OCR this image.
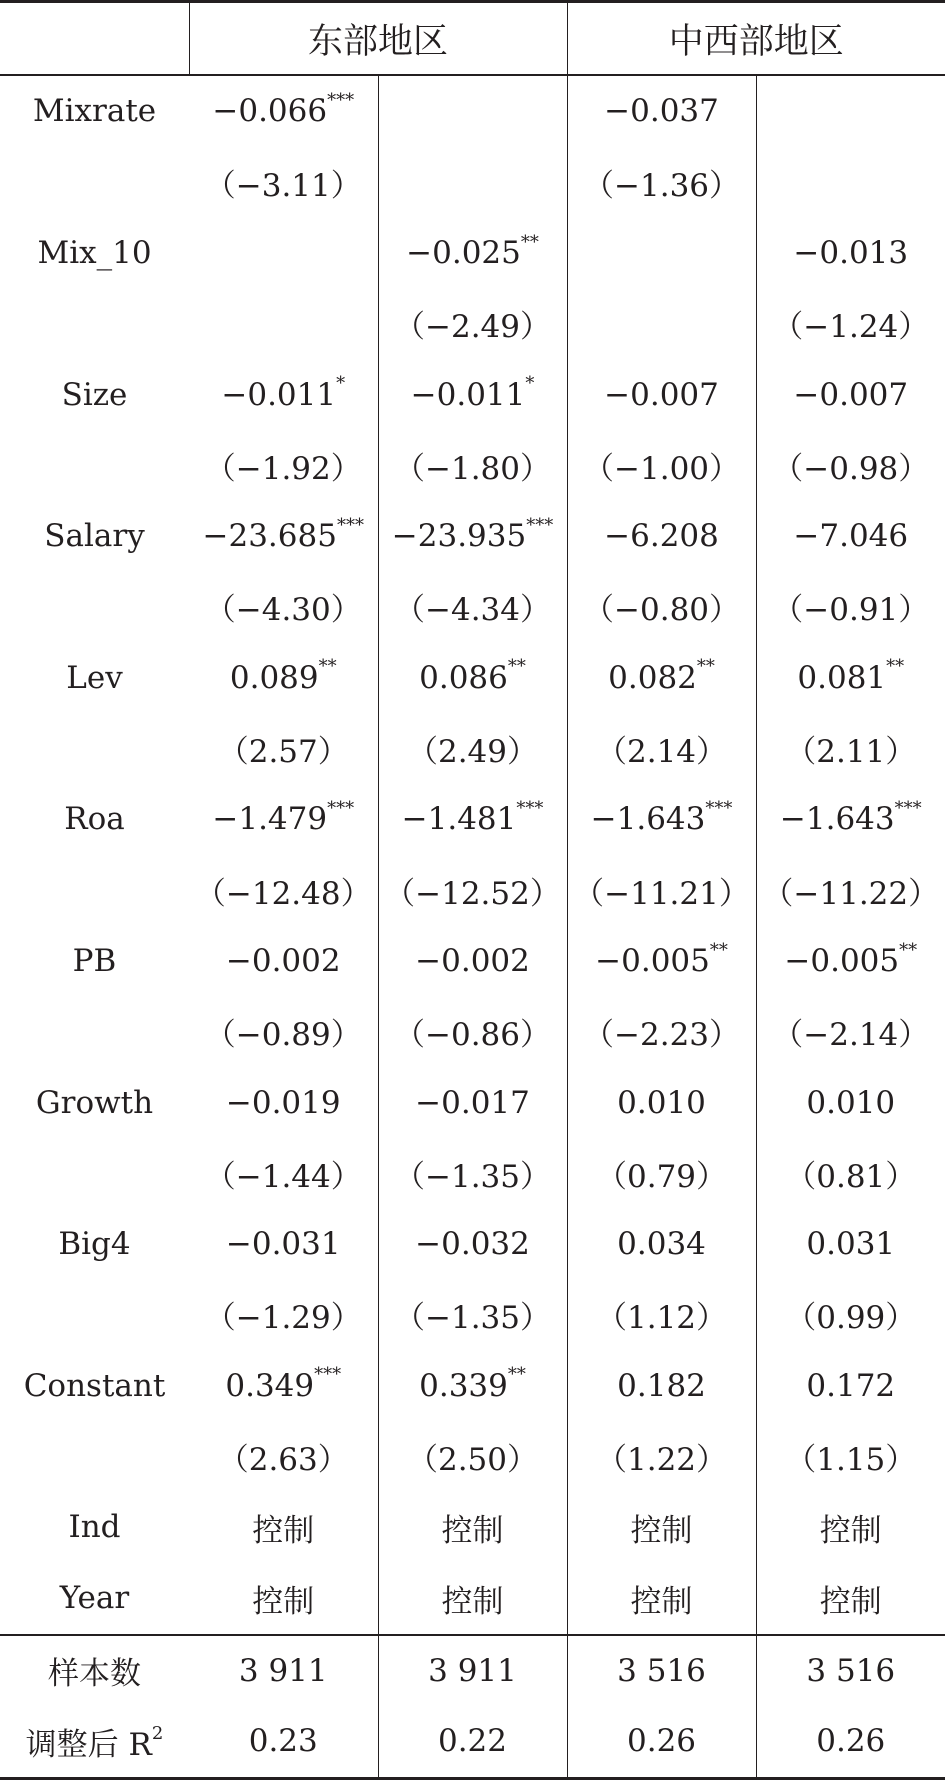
	东部地区		中西部地区	
Mixrate	−0.066***		−0.037	
	（−3.11）		（−1.36）	
Mix_10		−0.025**		−0.013
		（−2.49）		（−1.24）
Size	−0.011*	−0.011*	−0.007	−0.007
	（−1.92）	（−1.80）	（−1.00）	（−0.98）
Salary	−23.685***	−23.935***	−6.208	−7.046
	（−4.30）	（−4.34）	（−0.80）	（−0.91）
Lev	0.089**	0.086**	0.082**	0.081**
	（2.57）	（2.49）	（2.14）	（2.11）
Roa	−1.479***	−1.481***	−1.643***	−1.643***
	（−12.48）	（−12.52）	（−11.21）	（−11.22）
PB	−0.002	−0.002	−0.005**	−0.005**
	（−0.89）	（−0.86）	（−2.23）	（−2.14）
Growth	−0.019	−0.017	0.010	0.010
	（−1.44）	（−1.35）	（0.79）	（0.81）
Big4	−0.031	−0.032	0.034	0.031
	（−1.29）	（−1.35）	（1.12）	（0.99）
Constant	0.349***	0.339**	0.182	0.172
	（2.63）	（2.50）	（1.22）	（1.15）
Ind	控制	控制	控制	控制
Year	控制	控制	控制	控制
样本数	3 911	3 911	3 516	3 516
调整后 $R^2$	0.23	0.22	0.26	0.26
